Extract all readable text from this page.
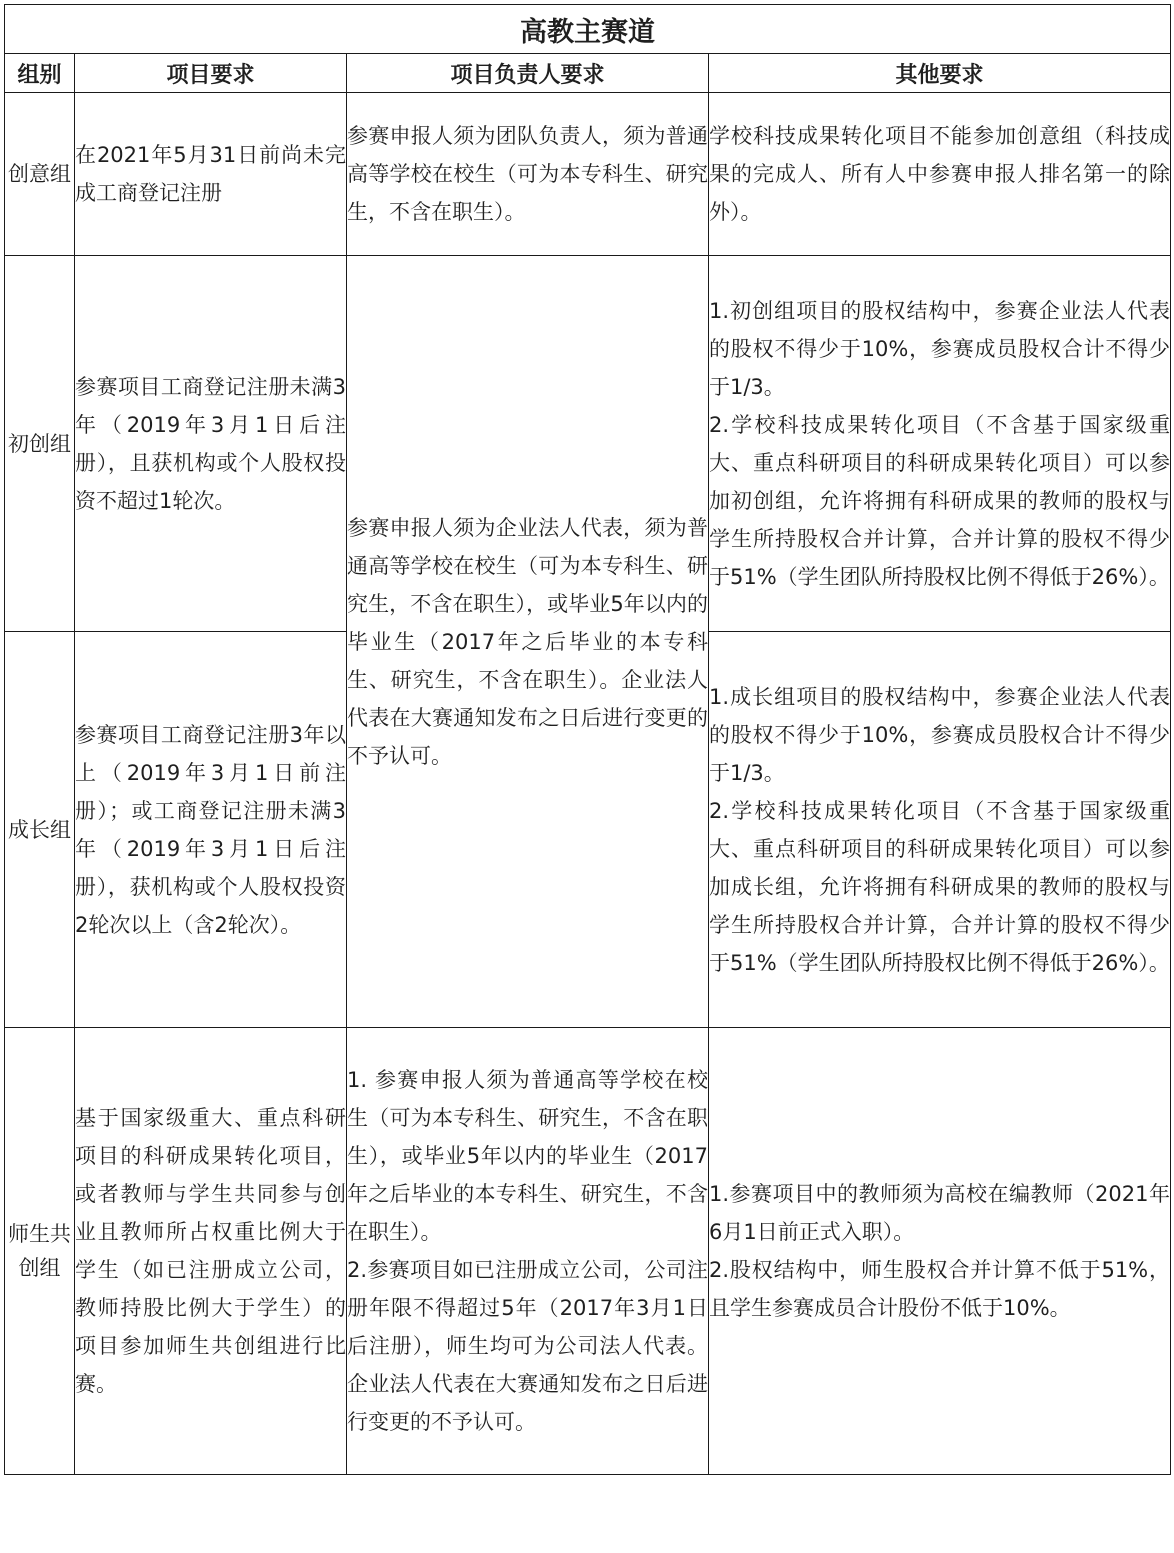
高教主赛道			
组别	项目要求	项目负责人要求	其他要求
创意组	在2021年5月31日前尚未完成工商登记注册	参赛申报人须为团队负责人，须为普通高等学校在校生（可为本专科生、研究生，不含在职生）。	学校科技成果转化项目不能参加创意组（科技成果的完成人、所有人中参赛申报人排名第一的除外）。

初创组	参赛项目工商登记注册未满3年（2019年3月1日后注册），且获机构或个人股权投资不超过1轮次。	参赛申报人须为企业法人代表，须为普通高等学校在校生（可为本专科生、研究生，不含在职生），或毕业5年以内的毕业生（2017年之后毕业的本专科生、研究生，不含在职生）。企业法人代表在大赛通知发布之日后进行变更的不予认可。	1.初创组项目的股权结构中，参赛企业法人代表的股权不得少于10%，参赛成员股权合计不得少于1/3。
2.学校科技成果转化项目（不含基于国家级重大、重点科研项目的科研成果转化项目）可以参加初创组，允许将拥有科研成果的教师的股权与学生所持股权合并计算，合并计算的股权不得少于51%（学生团队所持股权比例不得低于26%）。

成长组	参赛项目工商登记注册3年以上（2019年3月1日前注册）；或工商登记注册未满3年（2019年3月1日后注册），获机构或个人股权投资2轮次以上（含2轮次）。		1.成长组项目的股权结构中，参赛企业法人代表的股权不得少于10%，参赛成员股权合计不得少于1/3。
2.学校科技成果转化项目（不含基于国家级重大、重点科研项目的科研成果转化项目）可以参加成长组，允许将拥有科研成果的教师的股权与学生所持股权合并计算，合并计算的股权不得少于51%（学生团队所持股权比例不得低于26%）。

师生共创组	基于国家级重大、重点科研项目的科研成果转化项目，或者教师与学生共同参与创业且教师所占权重比例大于学生（如已注册成立公司，教师持股比例大于学生）的项目参加师生共创组进行比赛。	1. 参赛申报人须为普通高等学校在校生（可为本专科生、研究生，不含在职生），或毕业5年以内的毕业生（2017年之后毕业的本专科生、研究生，不含在职生）。
2.参赛项目如已注册成立公司，公司注册年限不得超过5年（2017年3月1日后注册），师生均可为公司法人代表。企业法人代表在大赛通知发布之日后进行变更的不予认可。	1.参赛项目中的教师须为高校在编教师（2021年6月1日前正式入职）。
2.股权结构中，师生股权合并计算不低于51%，且学生参赛成员合计股份不低于10%。
